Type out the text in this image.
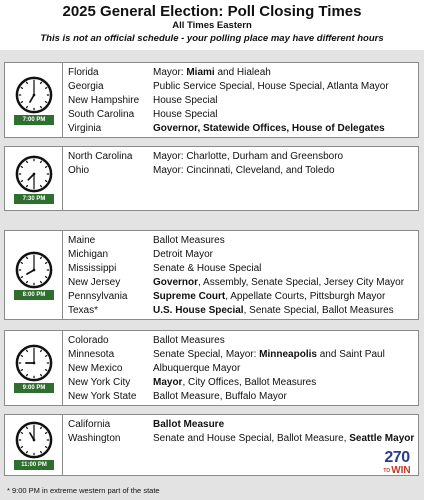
2025 General Election: Poll Closing Times
All Times Eastern
This is not an official schedule - your polling place may have different hours
7:00 PM
Florida
Georgia
New Hampshire
South Carolina
Virginia
Mayor: Miami and Hialeah
Public Service Special, House Special, Atlanta Mayor
House Special
House Special
Governor, Statewide Offices, House of Delegates
7:30 PM
North Carolina
Ohio
Mayor: Charlotte, Durham and Greensboro
Mayor: Cincinnati, Cleveland, and Toledo
8:00 PM
Maine
Michigan
Mississippi
New Jersey
Pennsylvania
Texas*
Ballot Measures
Detroit Mayor
Senate & House Special
Governor, Assembly, Senate Special, Jersey City Mayor
Supreme Court, Appellate Courts, Pittsburgh Mayor
U.S. House Special, Senate Special, Ballot Measures
9:00 PM
Colorado
Minnesota
New Mexico
New York City
New York State
Ballot Measures
Senate Special, Mayor: Minneapolis and Saint Paul
Albuquerque Mayor
Mayor, City Offices, Ballot Measures
Ballot Measure, Buffalo Mayor
11:00 PM
California
Washington
Ballot Measure
Senate and House Special, Ballot Measure, Seattle Mayor
270
TO WIN
* 9:00 PM in extreme western part of the state
